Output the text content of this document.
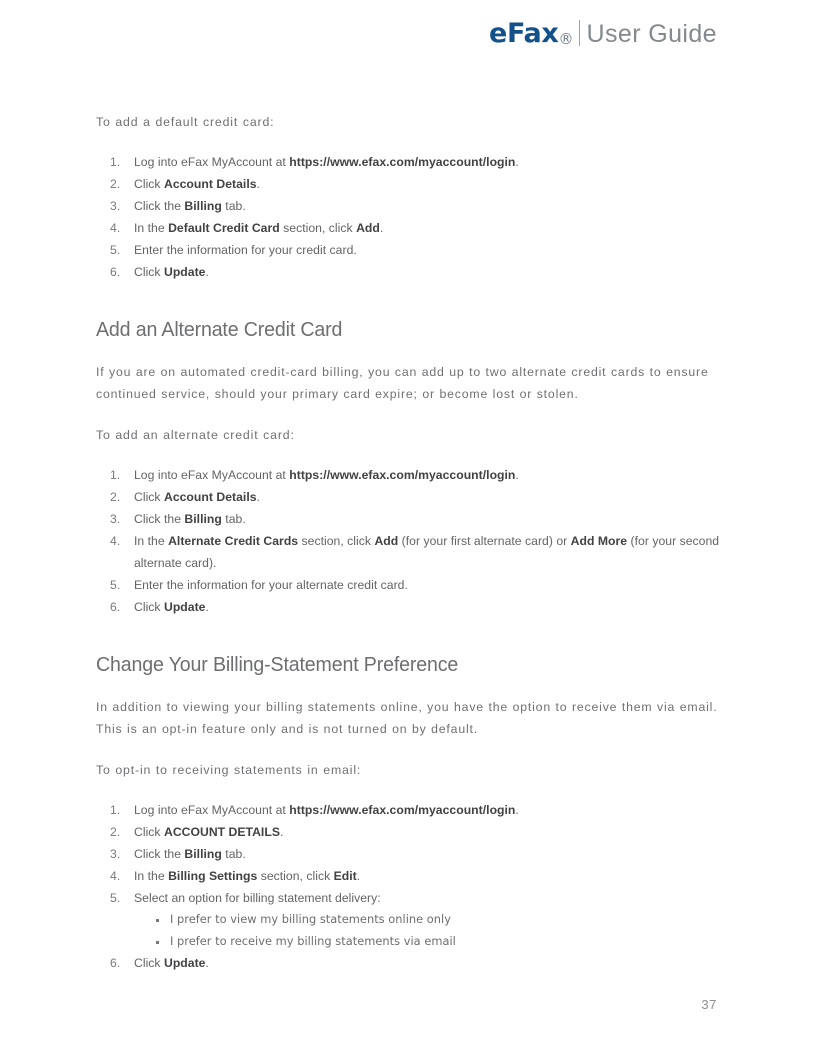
eFax® User Guide

To add a default credit card:

Log into eFax MyAccount at https://www.efax.com/myaccount/login.
Click Account Details.
Click the Billing tab.
In the Default Credit Card section, click Add.
Enter the information for your credit card.
Click Update.
Add an Alternate Credit Card

If you are on automated credit-card billing, you can add up to two alternate credit cards to ensure continued service, should your primary card expire; or become lost or stolen.

To add an alternate credit card:

Log into eFax MyAccount at https://www.efax.com/myaccount/login.
Click Account Details.
Click the Billing tab.
In the Alternate Credit Cards section, click Add (for your first alternate card) or Add More (for your second alternate card).
Enter the information for your alternate credit card.
Click Update.
Change Your Billing-Statement Preference

In addition to viewing your billing statements online, you have the option to receive them via email. This is an opt-in feature only and is not turned on by default.

To opt-in to receiving statements in email:

Log into eFax MyAccount at https://www.efax.com/myaccount/login.
Click ACCOUNT DETAILS.
Click the Billing tab.
In the Billing Settings section, click Edit.
Select an option for billing statement delivery:
I prefer to view my billing statements online only
I prefer to receive my billing statements via email
Click Update.
37
